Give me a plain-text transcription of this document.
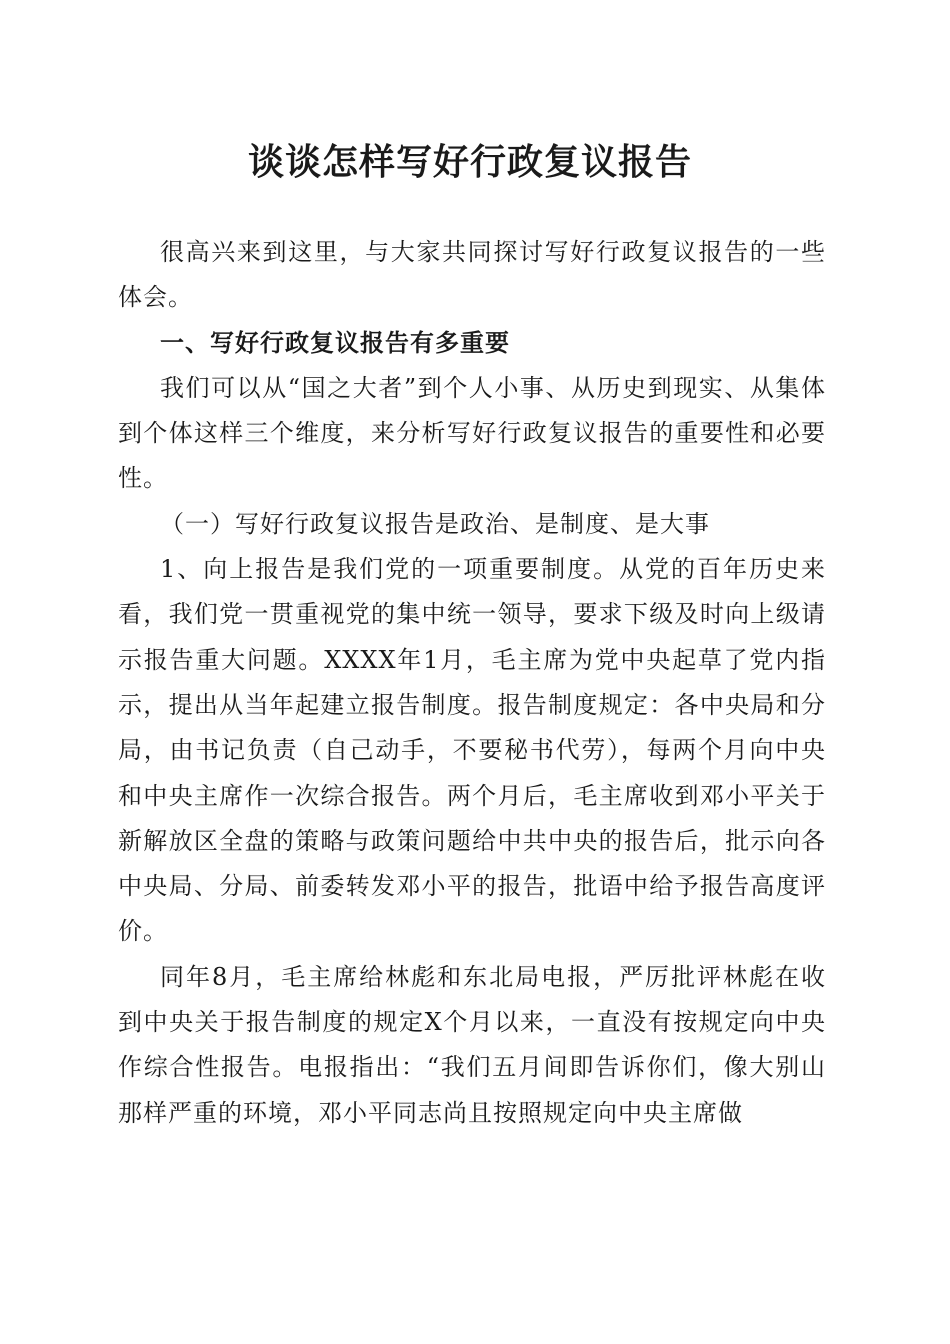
谈谈怎样写好行政复议报告

很高兴来到这里，与大家共同探讨写好行政复议报告的一些体会。

一、写好行政复议报告有多重要

我们可以从“国之大者”到个人小事、从历史到现实、从集体到个体这样三个维度，来分析写好行政复议报告的重要性和必要性。

（一）写好行政复议报告是政治、是制度、是大事

1、向上报告是我们党的一项重要制度。从党的百年历史来看，我们党一贯重视党的集中统一领导，要求下级及时向上级请示报告重大问题。XXXX年1月，毛主席为党中央起草了党内指示，提出从当年起建立报告制度。报告制度规定：各中央局和分局，由书记负责（自己动手，不要秘书代劳），每两个月向中央和中央主席作一次综合报告。两个月后，毛主席收到邓小平关于新解放区全盘的策略与政策问题给中共中央的报告后，批示向各中央局、分局、前委转发邓小平的报告，批语中给予报告高度评价。

同年8月，毛主席给林彪和东北局电报，严厉批评林彪在收到中央关于报告制度的规定X个月以来，一直没有按规定向中央作综合性报告。电报指出：“我们五月间即告诉你们，像大别山那样严重的环境，邓小平同志尚且按照规定向中央主席做
